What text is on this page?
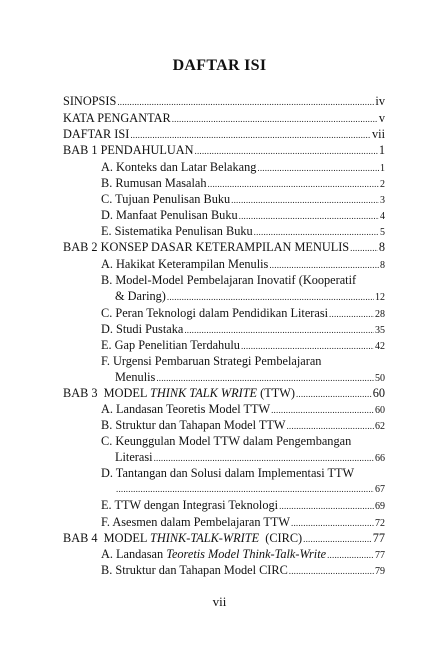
DAFTAR ISI
SINOPSIS .....	iv
KATA PENGANTAR .....	v
DAFTAR ISI .....	vii
BAB 1 PENDAHULUAN .....	1
A. Konteks dan Latar Belakang .....	1
B. Rumusan Masalah .....	2
C. Tujuan Penulisan Buku .....	3
D. Manfaat Penulisan Buku .....	4
E. Sistematika Penulisan Buku .....	5
BAB 2 KONSEP DASAR KETERAMPILAN MENULIS ..... 8
A. Hakikat Keterampilan Menulis .....	8
B. Model-Model Pembelajaran Inovatif (Kooperatif
& Daring) .....	12
C. Peran Teknologi dalam Pendidikan Literasi .....	28
D. Studi Pustaka .....	35
E. Gap Penelitian Terdahulu .....	42
F. Urgensi Pembaruan Strategi Pembelajaran
Menulis .....	50
BAB 3  MODEL THINK TALK WRITE (TTW) .....	60
A. Landasan Teoretis Model TTW .....	60
B. Struktur dan Tahapan Model TTW .....	62
C. Keunggulan Model TTW dalam Pengembangan
Literasi .....	66
D. Tantangan dan Solusi dalam Implementasi TTW
.....
67
E. TTW dengan Integrasi Teknologi .....	69
F. Asesmen dalam Pembelajaran TTW .....	72
BAB 4  MODEL THINK-TALK-WRITE  (CIRC) .....	77
A. Landasan Teoretis Model Think-Talk-Write .....	77
B. Struktur dan Tahapan Model CIRC .....	79
vii
